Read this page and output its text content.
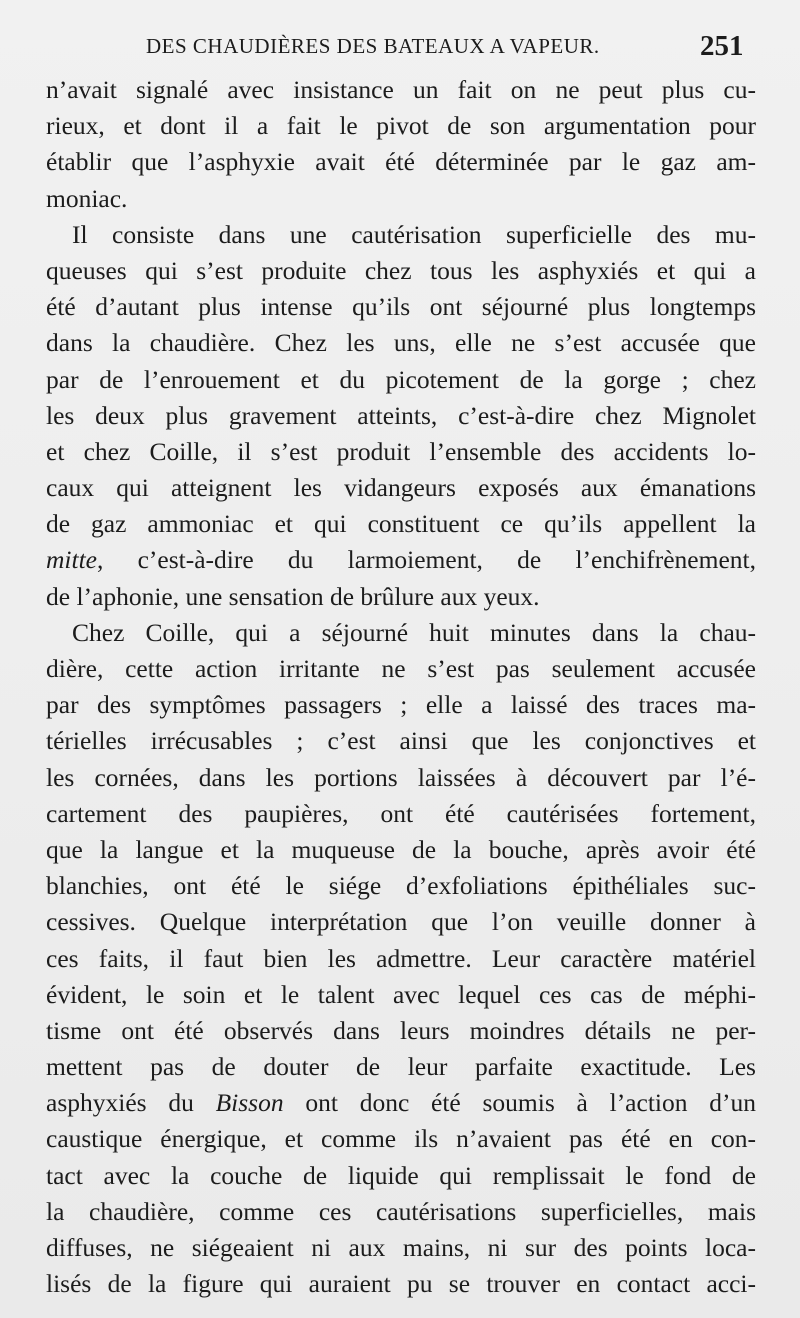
DES CHAUDIÈRES DES BATEAUX A VAPEUR.	251
n’avait signalé avec insistance un fait on ne peut plus cu-
rieux, et dont il a fait le pivot de son argumentation pour
établir que l’asphyxie avait été déterminée par le gaz am-
moniac.
Il consiste dans une cautérisation superficielle des mu-
queuses qui s’est produite chez tous les asphyxiés et qui a
été d’autant plus intense qu’ils ont séjourné plus longtemps
dans la chaudière. Chez les uns, elle ne s’est accusée que
par de l’enrouement et du picotement de la gorge ; chez
les deux plus gravement atteints, c’est-à-dire chez Mignolet
et chez Coille, il s’est produit l’ensemble des accidents lo-
caux qui atteignent les vidangeurs exposés aux émanations
de gaz ammoniac et qui constituent ce qu’ils appellent la
mitte, c’est-à-dire du larmoiement, de l’enchifrènement,
de l’aphonie, une sensation de brûlure aux yeux.
Chez Coille, qui a séjourné huit minutes dans la chau-
dière, cette action irritante ne s’est pas seulement accusée
par des symptômes passagers ; elle a laissé des traces ma-
térielles irrécusables ; c’est ainsi que les conjonctives et
les cornées, dans les portions laissées à découvert par l’é-
cartement des paupières, ont été cautérisées fortement,
que la langue et la muqueuse de la bouche, après avoir été
blanchies, ont été le siége d’exfoliations épithéliales suc-
cessives. Quelque interprétation que l’on veuille donner à
ces faits, il faut bien les admettre. Leur caractère matériel
évident, le soin et le talent avec lequel ces cas de méphi-
tisme ont été observés dans leurs moindres détails ne per-
mettent pas de douter de leur parfaite exactitude. Les
asphyxiés du Bisson ont donc été soumis à l’action d’un
caustique énergique, et comme ils n’avaient pas été en con-
tact avec la couche de liquide qui remplissait le fond de
la chaudière, comme ces cautérisations superficielles, mais
diffuses, ne siégeaient ni aux mains, ni sur des points loca-
lisés de la figure qui auraient pu se trouver en contact acci-
